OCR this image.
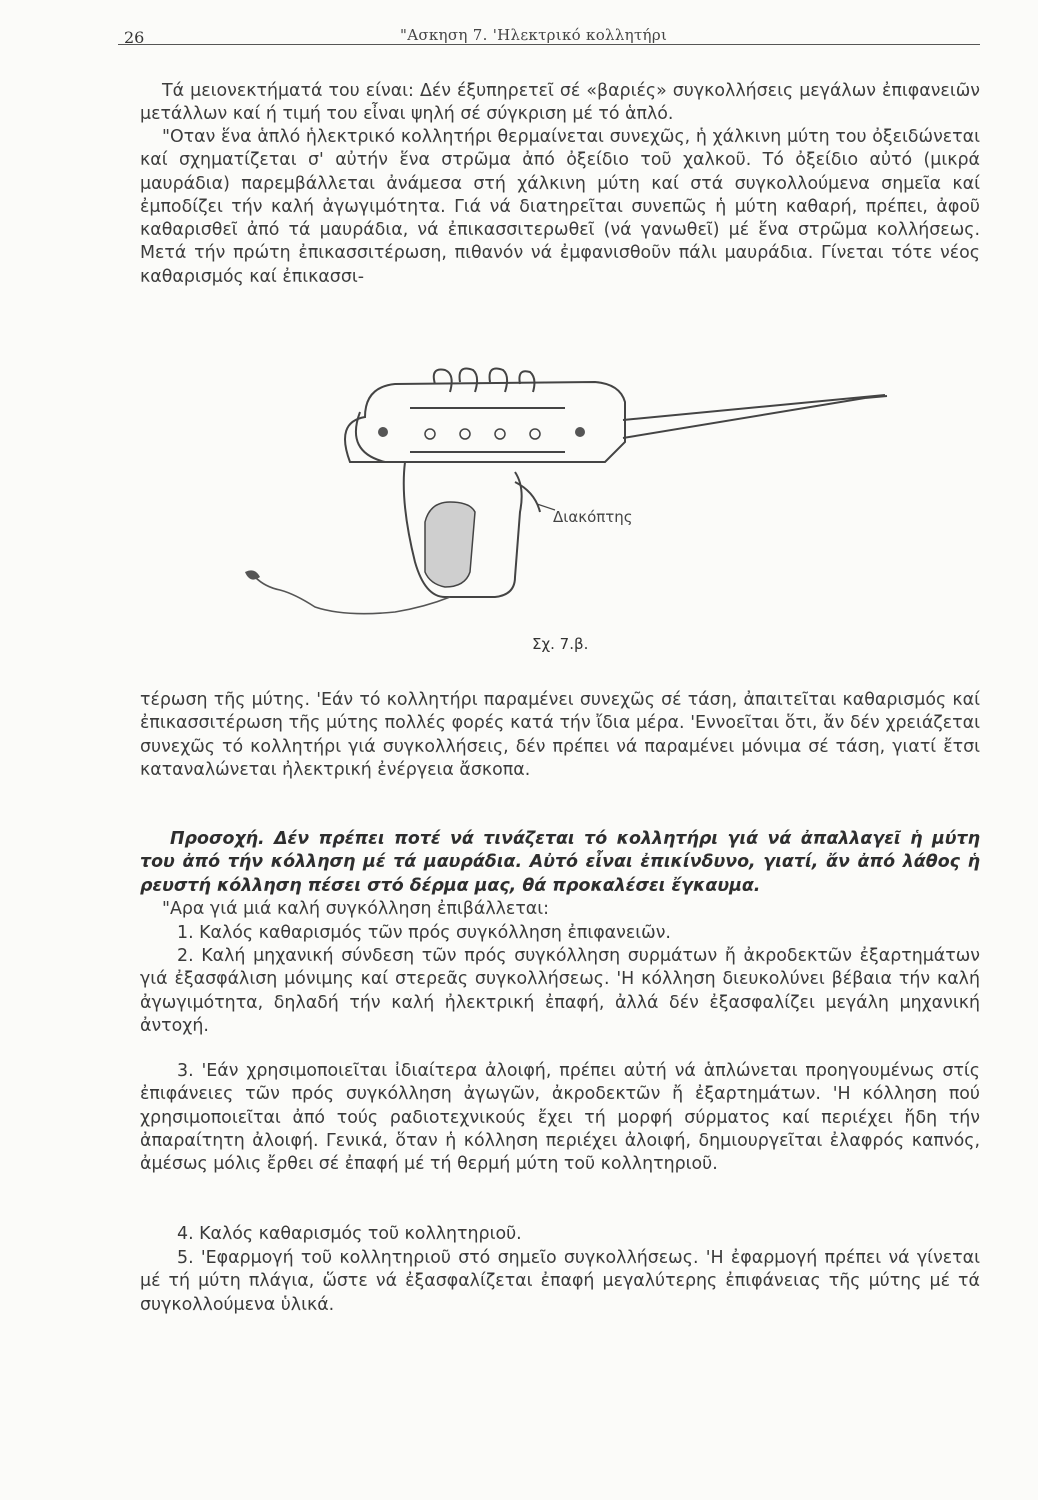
26	"Ασκηση 7. 'Ηλεκτρικό κολλητήρι

Τά μειονεκτήματά του είναι: Δέν έξυπηρετεῖ σέ «βαριές» συγκολλήσεις μεγάλων ἐπιφανειῶν μετάλλων καί ή τιμή του εἶναι ψηλή σέ σύγκριση μέ τό ἁπλό.

"Οταν ἕνα ἁπλό ἡλεκτρικό κολλητήρι θερμαίνεται συνεχῶς, ἡ χάλκινη μύτη του ὀξειδώνεται καί σχηματίζεται σ' αὐτήν ἕνα στρῶμα ἀπό ὀξείδιο τοῦ χαλκοῦ. Τό ὀξείδιο αὐτό (μικρά μαυράδια) παρεμβάλλεται ἀνάμεσα στή χάλκινη μύτη καί στά συγκολλούμενα σημεῖα καί ἐμποδίζει τήν καλή ἀγωγιμότητα. Γιά νά διατηρεῖται συνεπῶς ἡ μύτη καθαρή, πρέπει, ἀφοῦ καθαρισθεῖ ἀπό τά μαυράδια, νά ἐπικασσιτερωθεῖ (νά γανωθεῖ) μέ ἕνα στρῶμα κολλήσεως. Μετά τήν πρώτη ἐπικασσιτέρωση, πιθανόν νά ἐμφανισθοῦν πάλι μαυράδια. Γίνεται τότε νέος καθαρισμός καί ἐπικασσι-

Διακόπτης
Σχ. 7.β.

τέρωση τῆς μύτης. 'Εάν τό κολλητήρι παραμένει συνεχῶς σέ τάση, ἀπαιτεῖται καθαρισμός καί ἐπικασσιτέρωση τῆς μύτης πολλές φορές κατά τήν ἴδια μέρα. 'Εννοεῖται ὅτι, ἄν δέν χρειάζεται συνεχῶς τό κολλητήρι γιά συγκολλήσεις, δέν πρέπει νά παραμένει μόνιμα σέ τάση, γιατί ἔτσι καταναλώνεται ἠλεκτρική ἐνέργεια ἄσκοπα.

Προσοχή. Δέν πρέπει ποτέ νά τινάζεται τό κολλητήρι γιά νά ἀπαλλαγεῖ ἡ μύτη του ἀπό τήν κόλληση μέ τά μαυράδια. Αὐτό εἶναι ἐπικίνδυνο, γιατί, ἄν ἀπό λάθος ἡ ρευστή κόλληση πέσει στό δέρμα μας, θά προκαλέσει ἔγκαυμα.

"Αρα γιά μιά καλή συγκόλληση ἐπιβάλλεται:

1. Καλός καθαρισμός τῶν πρός συγκόλληση ἐπιφανειῶν.

2. Καλή μηχανική σύνδεση τῶν πρός συγκόλληση συρμάτων ἤ ἀκροδεκτῶν ἐξαρτημάτων γιά ἐξασφάλιση μόνιμης καί στερεᾶς συγκολλήσεως. 'Η κόλληση διευκολύνει βέβαια τήν καλή ἀγωγιμότητα, δηλαδή τήν καλή ἠλεκτρική ἐπαφή, ἀλλά δέν ἐξασφαλίζει μεγάλη μηχανική ἀντοχή.

3. 'Εάν χρησιμοποιεῖται ἰδιαίτερα ἀλοιφή, πρέπει αὐτή νά ἁπλώνεται προηγουμένως στίς ἐπιφάνειες τῶν πρός συγκόλληση ἀγωγῶν, ἀκροδεκτῶν ἤ ἐξαρτημάτων. 'Η κόλληση πού χρησιμοποιεῖται ἀπό τούς ραδιοτεχνικούς ἔχει τή μορφή σύρματος καί περιέχει ἤδη τήν ἀπαραίτητη ἀλοιφή. Γενικά, ὅταν ἡ κόλληση περιέχει ἀλοιφή, δημιουργεῖται ἐλαφρός καπνός, ἀμέσως μόλις ἔρθει σέ ἐπαφή μέ τή θερμή μύτη τοῦ κολλητηριοῦ.

4. Καλός καθαρισμός τοῦ κολλητηριοῦ.

5. 'Εφαρμογή τοῦ κολλητηριοῦ στό σημεῖο συγκολλήσεως. 'Η ἐφαρμογή πρέπει νά γίνεται μέ τή μύτη πλάγια, ὥστε νά ἐξασφαλίζεται ἐπαφή μεγαλύτερης ἐπιφάνειας τῆς μύτης μέ τά συγκολλούμενα ὑλικά.
